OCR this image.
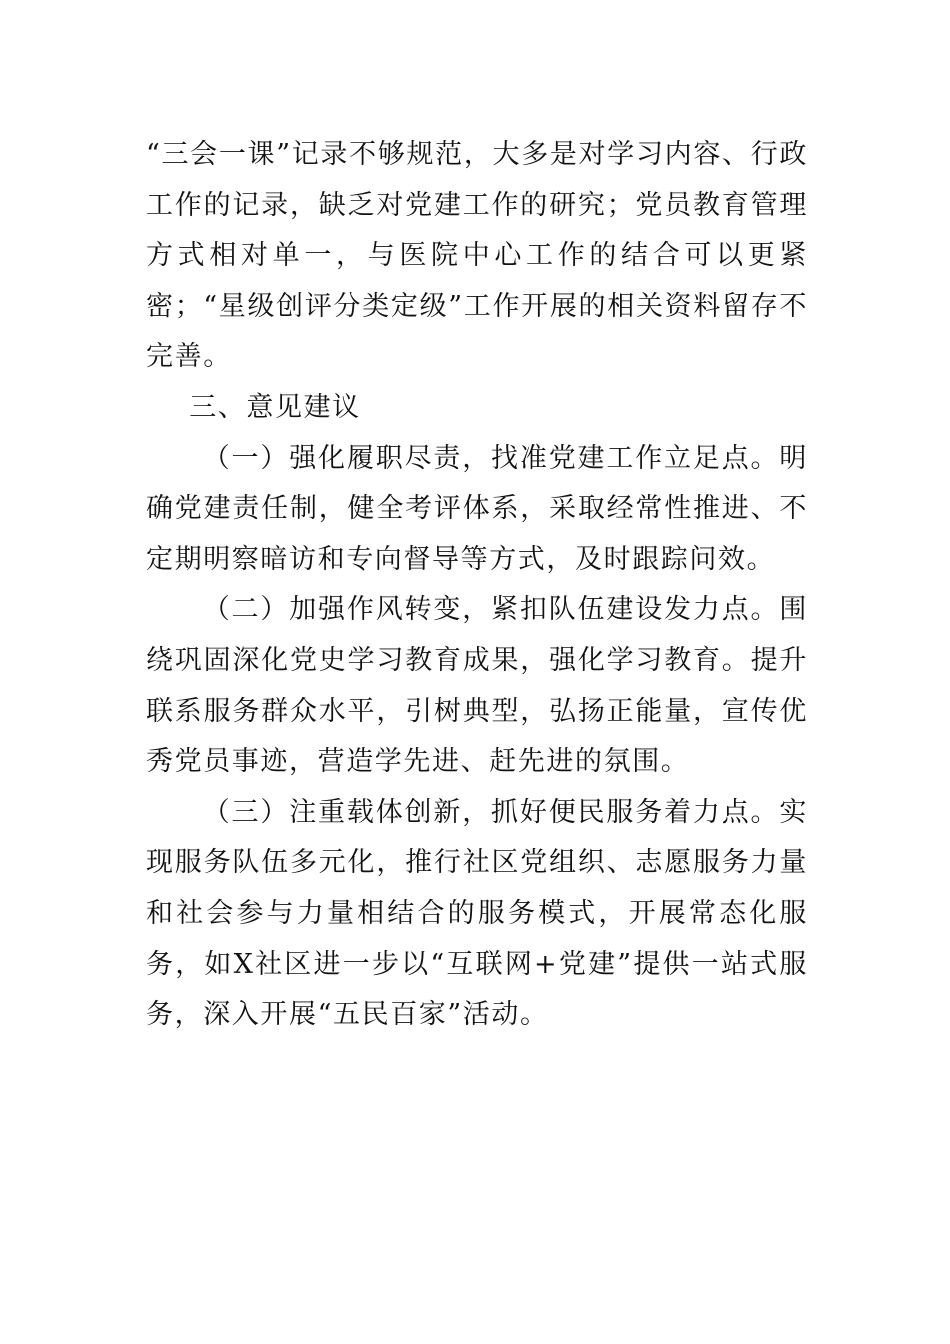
“三会一课”记录不够规范，大多是对学习内容、行政工作的记录，缺乏对党建工作的研究；党员教育管理方式相对单一，与医院中心工作的结合可以更紧密；“星级创评分类定级”工作开展的相关资料留存不完善。

三、意见建议

（一）强化履职尽责，找准党建工作立足点。明确党建责任制，健全考评体系，采取经常性推进、不定期明察暗访和专向督导等方式，及时跟踪问效。

（二）加强作风转变，紧扣队伍建设发力点。围绕巩固深化党史学习教育成果，强化学习教育。提升联系服务群众水平，引树典型，弘扬正能量，宣传优秀党员事迹，营造学先进、赶先进的氛围。

（三）注重载体创新，抓好便民服务着力点。实现服务队伍多元化，推行社区党组织、志愿服务力量和社会参与力量相结合的服务模式，开展常态化服务，如X社区进一步以“互联网+党建”提供一站式服务，深入开展“五民百家”活动。
